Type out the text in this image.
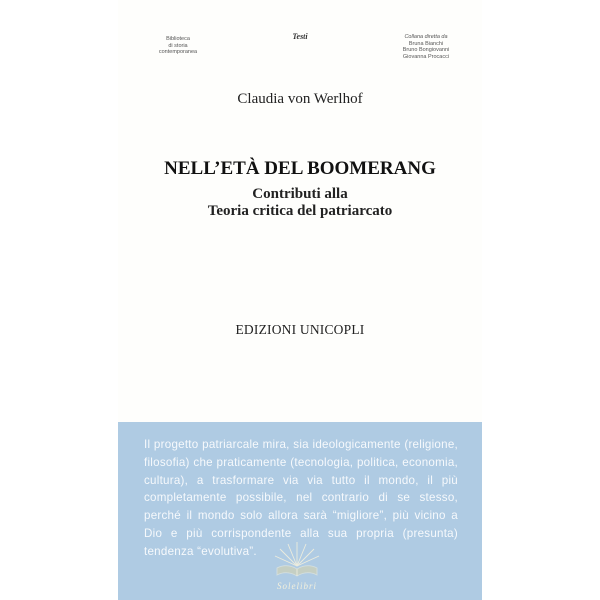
Biblioteca
di storia
contemporanea
Testi	Collana diretta da
Bruna Bianchi
Bruno Bongiovanni
Giovanna Procacci
Claudia von Werlhof
NELL’ETÀ DEL BOOMERANG
Contributi alla
Teoria critica del patriarcato
EDIZIONI UNICOPLI
Il progetto patriarcale mira, sia ideologicamente (religione, filosofia) che praticamente (tecnologia, politica, economia, cultura), a trasformare via via tutto il mondo, il più completamente possibile, nel contrario di se stesso, perché il mondo solo allora sarà “migliore”, più vicino a Dio e più corrispondente alla sua propria (presunta) tendenza “evolutiva”.
Solelibri
